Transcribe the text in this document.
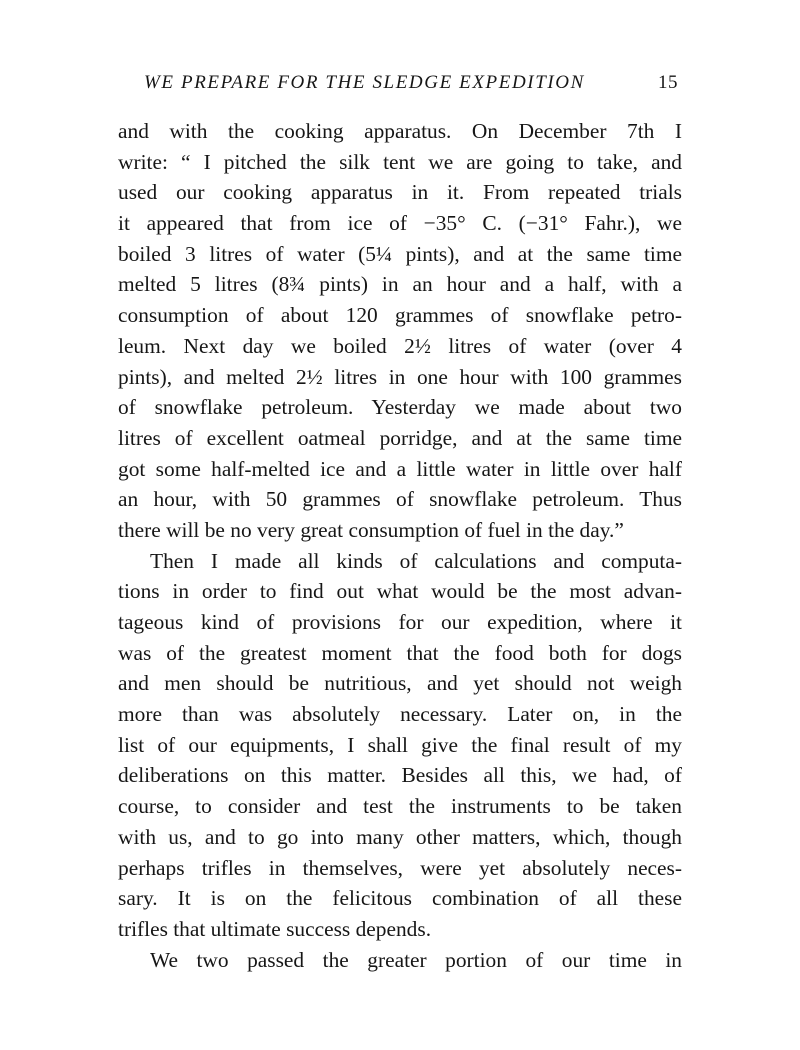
WE PREPARE FOR THE SLEDGE EXPEDITION	15
and with the cooking apparatus. On December 7th I
write: “ I pitched the silk tent we are going to take, and
used our cooking apparatus in it. From repeated trials
it appeared that from ice of −35° C. (−31° Fahr.), we
boiled 3 litres of water (5¼ pints), and at the same time
melted 5 litres (8¾ pints) in an hour and a half, with a
consumption of about 120 grammes of snowflake petro-
leum. Next day we boiled 2½ litres of water (over 4
pints), and melted 2½ litres in one hour with 100 grammes
of snowflake petroleum. Yesterday we made about two
litres of excellent oatmeal porridge, and at the same time
got some half-melted ice and a little water in little over half
an hour, with 50 grammes of snowflake petroleum. Thus
there will be no very great consumption of fuel in the day.”
Then I made all kinds of calculations and computa-
tions in order to find out what would be the most advan-
tageous kind of provisions for our expedition, where it
was of the greatest moment that the food both for dogs
and men should be nutritious, and yet should not weigh
more than was absolutely necessary. Later on, in the
list of our equipments, I shall give the final result of my
deliberations on this matter. Besides all this, we had, of
course, to consider and test the instruments to be taken
with us, and to go into many other matters, which, though
perhaps trifles in themselves, were yet absolutely neces-
sary. It is on the felicitous combination of all these
trifles that ultimate success depends.
We two passed the greater portion of our time in
